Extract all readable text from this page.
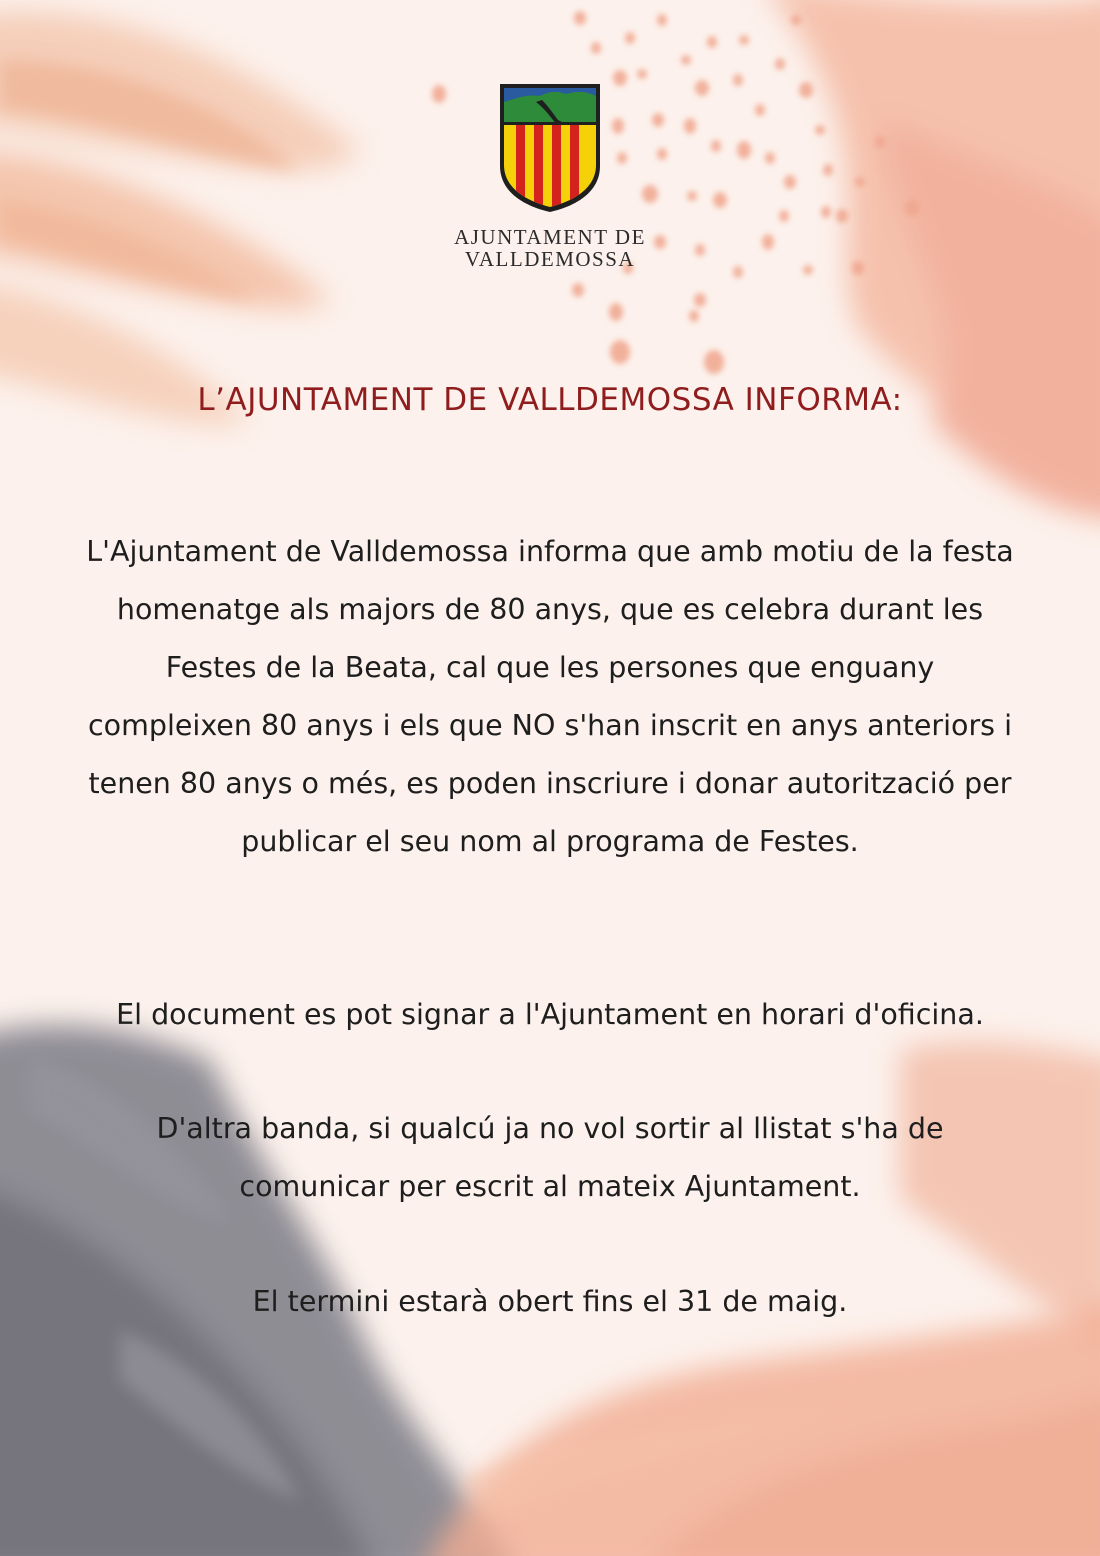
AJUNTAMENT DE
VALLDEMOSSA
L’AJUNTAMENT DE VALLDEMOSSA INFORMA:

L'Ajuntament de Valldemossa informa que amb motiu de la festa homenatge als majors de 80 anys, que es celebra durant les Festes de la Beata, cal que les persones que enguany compleixen 80 anys i els que NO s'han inscrit en anys anteriors i tenen 80 anys o més, es poden inscriure i donar autorització per publicar el seu nom al programa de Festes.

El document es pot signar a l'Ajuntament en horari d'oficina.

D'altra banda, si qualcú ja no vol sortir al llistat s'ha de comunicar per escrit al mateix Ajuntament.

El termini estarà obert fins el 31 de maig.
